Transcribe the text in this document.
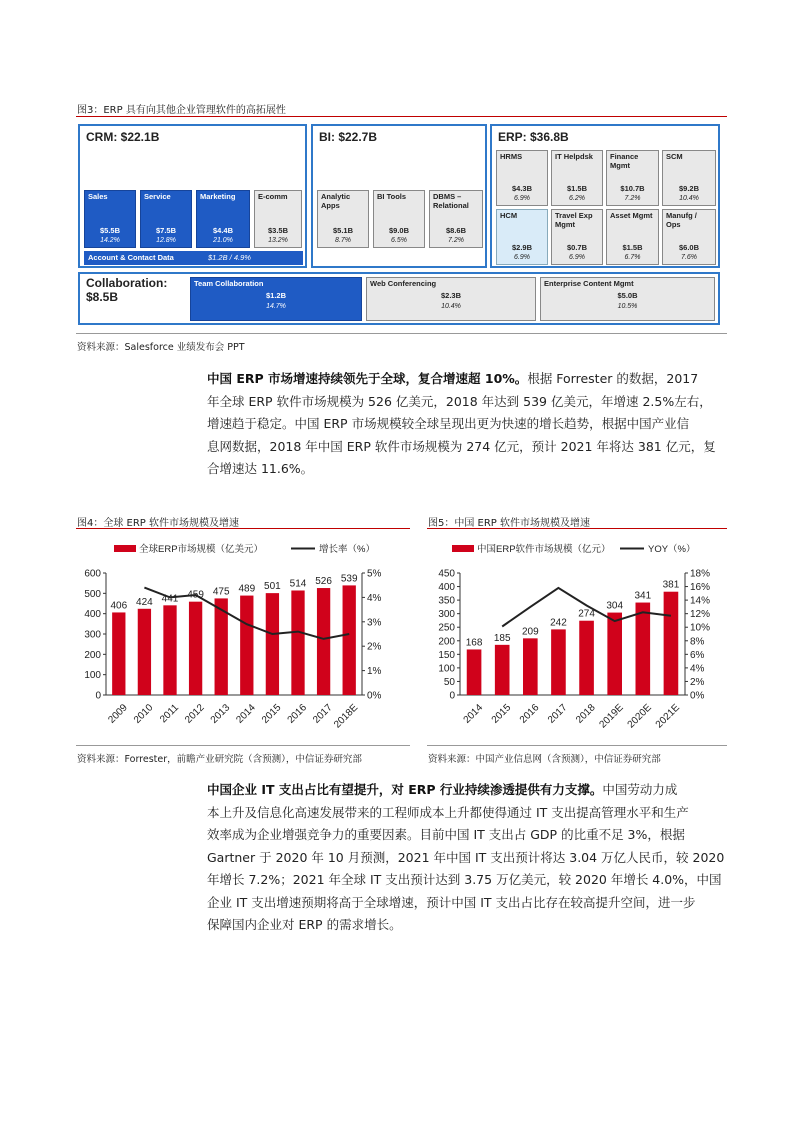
图3：ERP 具有向其他企业管理软件的高拓展性
CRM: $22.1B
Sales
$5.5B
14.2%
Service
$7.5B
12.8%
Marketing
$4.4B
21.0%
E-comm
$3.5B
13.2%
Account & Contact Data	$1.2B / 4.9%
BI: $22.7B
Analytic Apps
$5.1B
8.7%
BI Tools
$9.0B
6.5%
DBMS – Relational
$8.6B
7.2%
ERP: $36.8B
HRMS
$4.3B
6.9%
IT Helpdsk
$1.5B
6.2%
Finance Mgmt
$10.7B
7.2%
SCM
$9.2B
10.4%
HCM
$2.9B
6.9%
Travel Exp Mgmt
$0.7B
6.9%
Asset Mgmt
$1.5B
6.7%
Manufg / Ops
$6.0B
7.6%
Collaboration:
$8.5B
Team Collaboration
$1.2B
14.7%
Web Conferencing
$2.3B
10.4%
Enterprise Content Mgmt
$5.0B
10.5%
资料来源：Salesforce 业绩发布会 PPT
中国 ERP 市场增速持续领先于全球，复合增速超 10%。根据 Forrester 的数据，2017
年全球 ERP 软件市场规模为 526 亿美元，2018 年达到 539 亿美元，年增速 2.5%左右，
增速趋于稳定。中国 ERP 市场规模较全球呈现出更为快速的增长趋势，根据中国产业信
息网数据，2018 年中国 ERP 软件市场规模为 274 亿元，预计 2021 年将达 381 亿元，复
合增速达 11.6%。
图4：全球 ERP 软件市场规模及增速	图5：中国 ERP 软件市场规模及增速
全球ERP市场规模（亿美元）	增长率（%）
0
100
200
300
400
500
600
0%
1%
2%
3%
4%
5%
406 424 441 459 475 489 501 514 526 539
2009 2010 2011 2012 2013 2014 2015 2016 2017
2018E
中国ERP软件市场规模（亿元）	YOY（%）
0
50
100
150
200
250
300
350
400
450
0%
2%
4%
6%
8%
10%
12%
14%
16%
18%
168 185
209
242
274
304
341
381
2014 2015 2016 2017 2018 2019E 2020E 2021E
资料来源：Forrester，前瞻产业研究院（含预测），中信证券研究部	资料来源：中国产业信息网（含预测），中信证券研究部
中国企业 IT 支出占比有望提升，对 ERP 行业持续渗透提供有力支撑。中国劳动力成
本上升及信息化高速发展带来的工程师成本上升都使得通过 IT 支出提高管理水平和生产
效率成为企业增强竞争力的重要因素。目前中国 IT 支出占 GDP 的比重不足 3%，根据
Gartner 于 2020 年 10 月预测，2021 年中国 IT 支出预计将达 3.04 万亿人民币，较 2020
年增长 7.2%；2021 年全球 IT 支出预计达到 3.75 万亿美元，较 2020 年增长 4.0%，中国
企业 IT 支出增速预期将高于全球增速，预计中国 IT 支出占比存在较高提升空间，进一步
保障国内企业对 ERP 的需求增长。
